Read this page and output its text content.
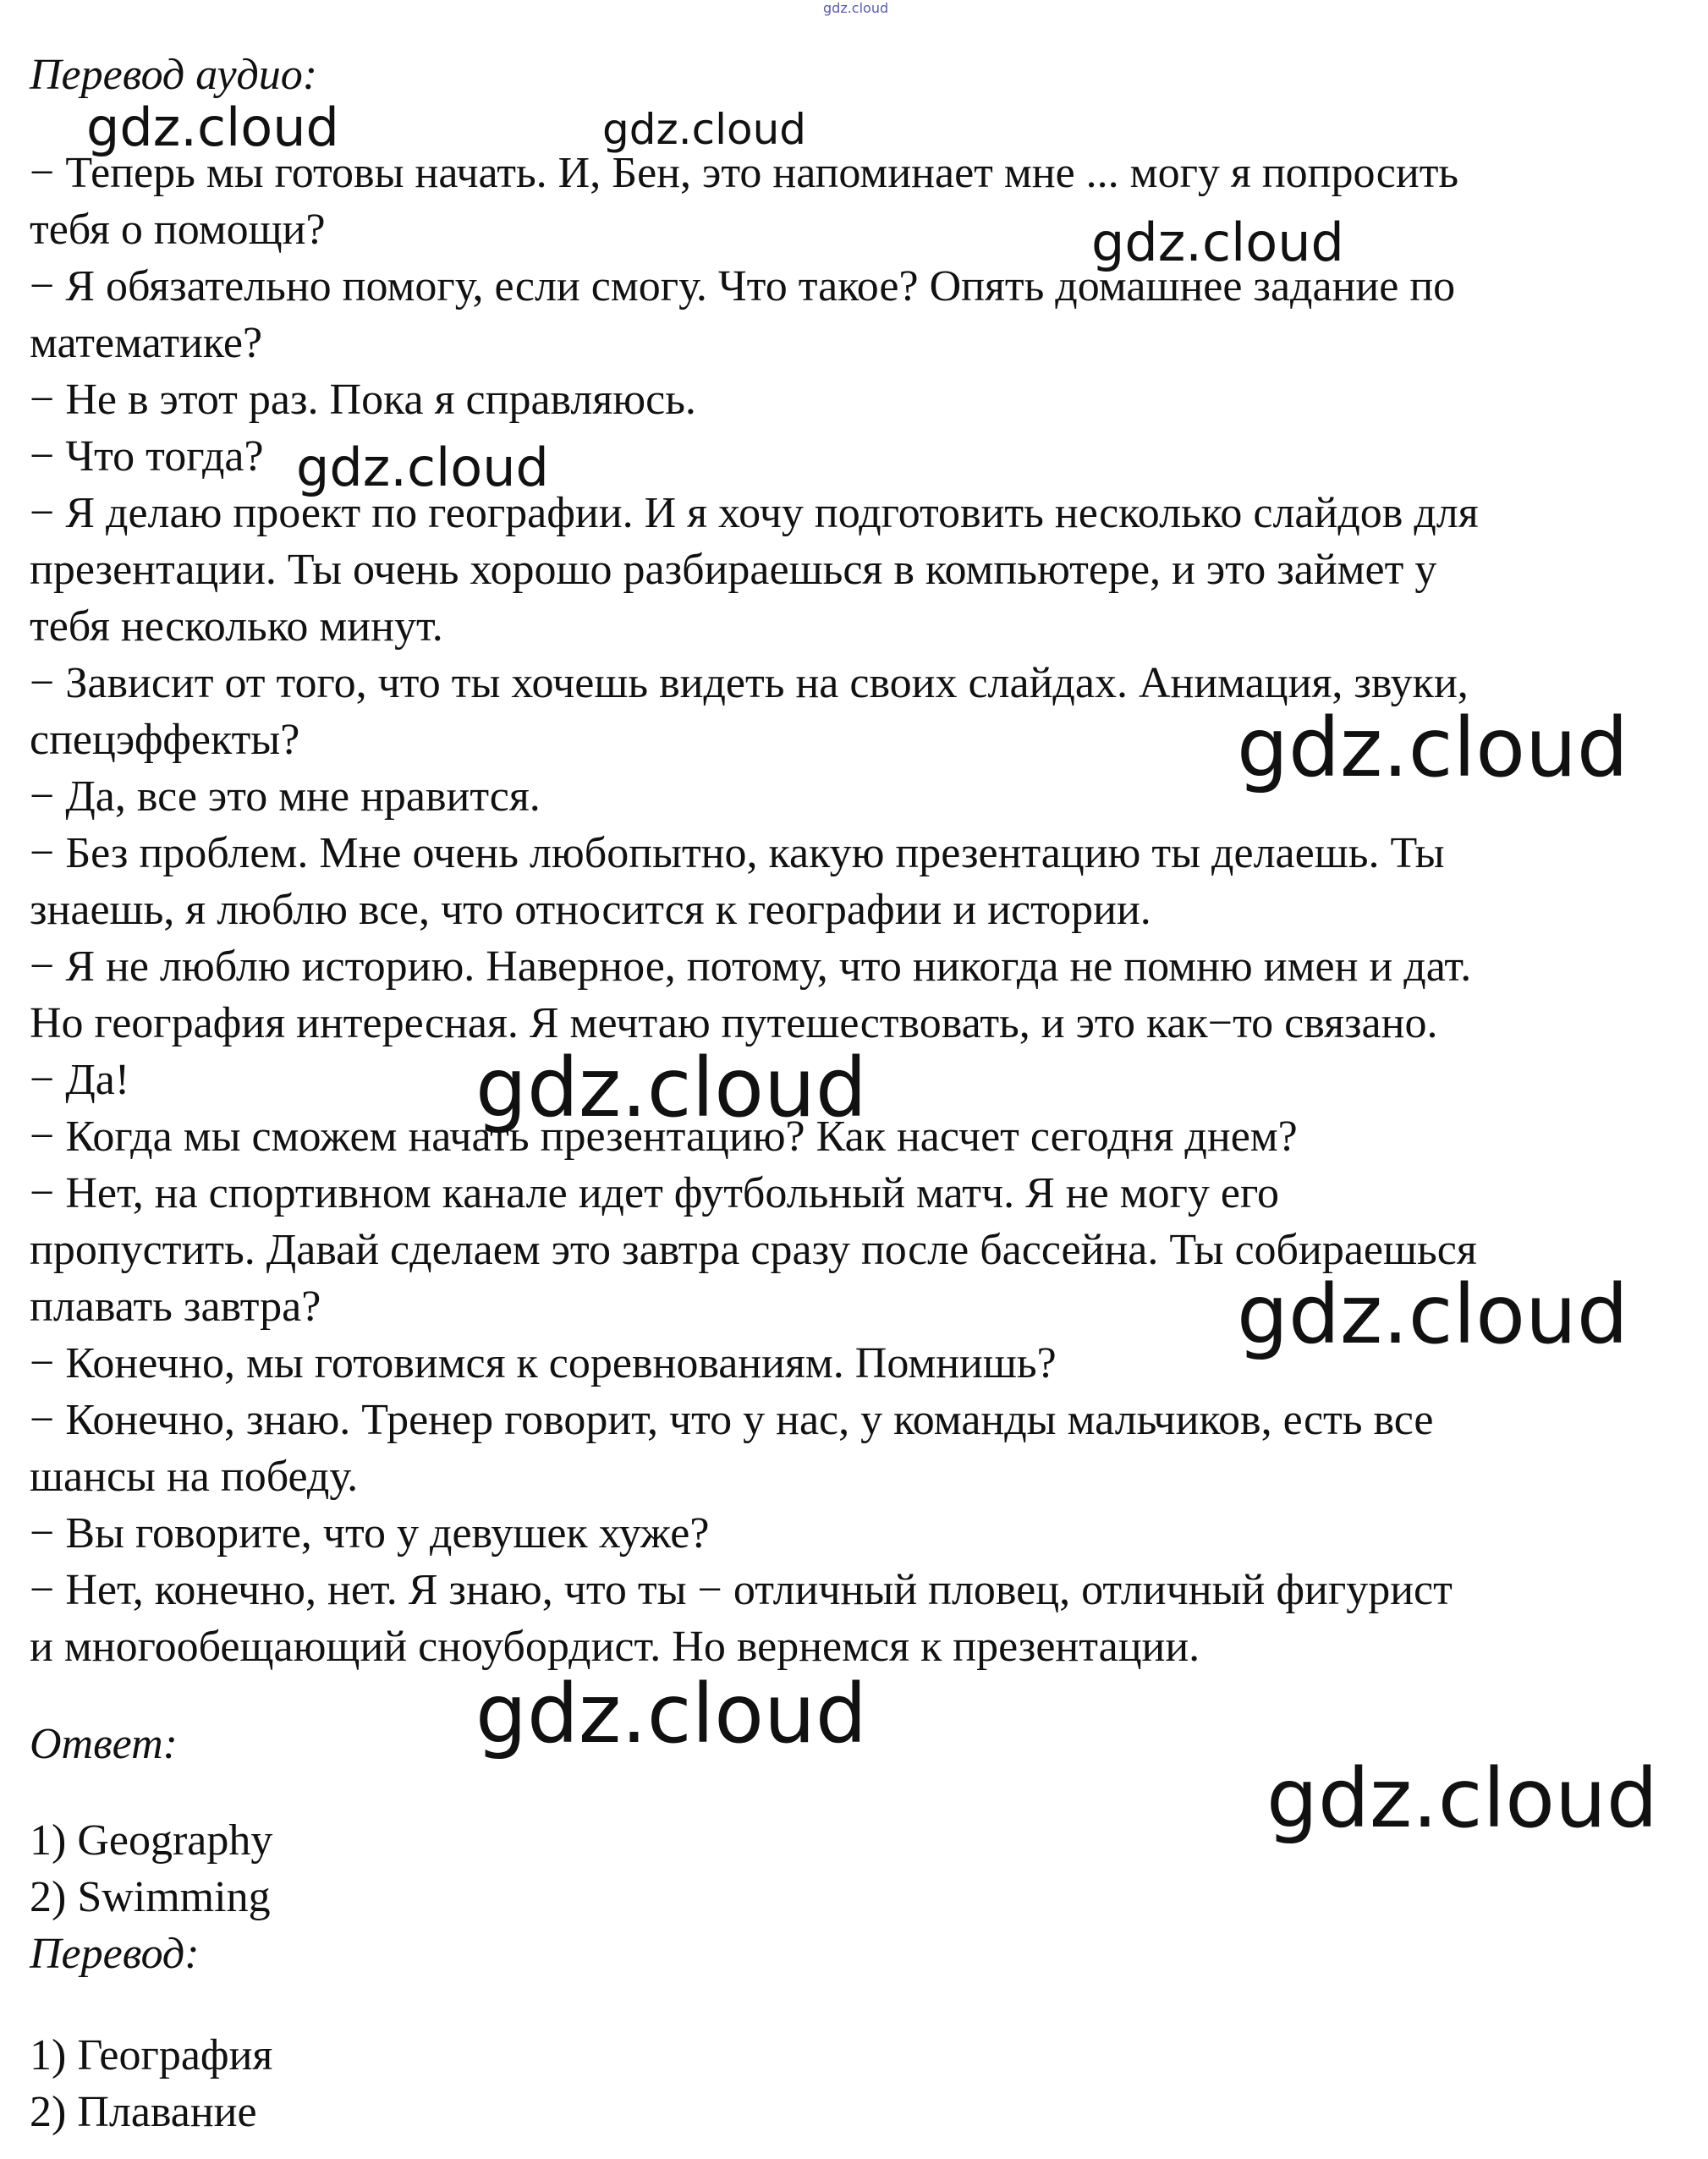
gdz.cloud
Перевод аудио:
− Теперь мы готовы начать. И, Бен, это напоминает мне ... могу я попросить
тебя о помощи?
− Я обязательно помогу, если смогу. Что такое? Опять домашнее задание по
математике?
− Не в этот раз. Пока я справляюсь.
− Что тогда?
− Я делаю проект по географии. И я хочу подготовить несколько слайдов для
презентации. Ты очень хорошо разбираешься в компьютере, и это займет у
тебя несколько минут.
− Зависит от того, что ты хочешь видеть на своих слайдах. Анимация, звуки,
спецэффекты?
− Да, все это мне нравится.
− Без проблем. Мне очень любопытно, какую презентацию ты делаешь. Ты
знаешь, я люблю все, что относится к географии и истории.
− Я не люблю историю. Наверное, потому, что никогда не помню имен и дат.
Но география интересная. Я мечтаю путешествовать, и это как−то связано.
− Да!
− Когда мы сможем начать презентацию? Как насчет сегодня днем?
− Нет, на спортивном канале идет футбольный матч. Я не могу его
пропустить. Давай сделаем это завтра сразу после бассейна. Ты собираешься
плавать завтра?
− Конечно, мы готовимся к соревнованиям. Помнишь?
− Конечно, знаю. Тренер говорит, что у нас, у команды мальчиков, есть все
шансы на победу.
− Вы говорите, что у девушек хуже?
− Нет, конечно, нет. Я знаю, что ты − отличный пловец, отличный фигурист
и многообещающий сноубордист. Но вернемся к презентации.
Ответ:
1) Geography
2) Swimming
Перевод:
1) География
2) Плавание
gdz.cloud	gdz.cloud
gdz.cloud
gdz.cloud
gdz.cloud
gdz.cloud
gdz.cloud
gdz.cloud
gdz.cloud
